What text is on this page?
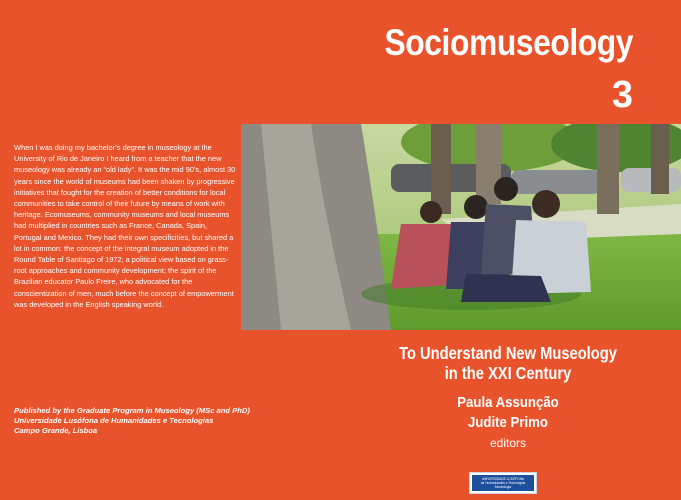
Sociomuseology
3
When I was doing my bachelor’s degree in museology at the University of Rio de Janeiro I heard from a teacher that the new museology was already an “old lady”. It was the mid 90’s, almost 30 years since the world of museums had been shaken by progressive initiatives that fought for the creation of better conditions for local communities to take control of their future by means of work with heritage. Ecomuseums, community museums and local museums had multiplied in countries such as France, Canada, Spain, Portugal and Mexico. They had their own specificities, but shared a lot in common: the concept of the integral museum adopted in the Round Table of Santiago of 1972; a political view based on grass-root approaches and community development; the spirit of the Brazilian educator Paulo Freire, who advocated for the conscientization of men, much before the concept of empowerment was developed in the English speaking world.
To Understand New Museology
in the XXI Century
Paula Assunção
Judite Primo
editors
Published by the Graduate Program in Museology (MSc and PhD)
Universidade Lusófona de Humanidades e Tecnologias
Campo Grande, Lisboa
UNIVERSIDADE LUSÓFONA
de Humanidades e Tecnologias
Museologia
